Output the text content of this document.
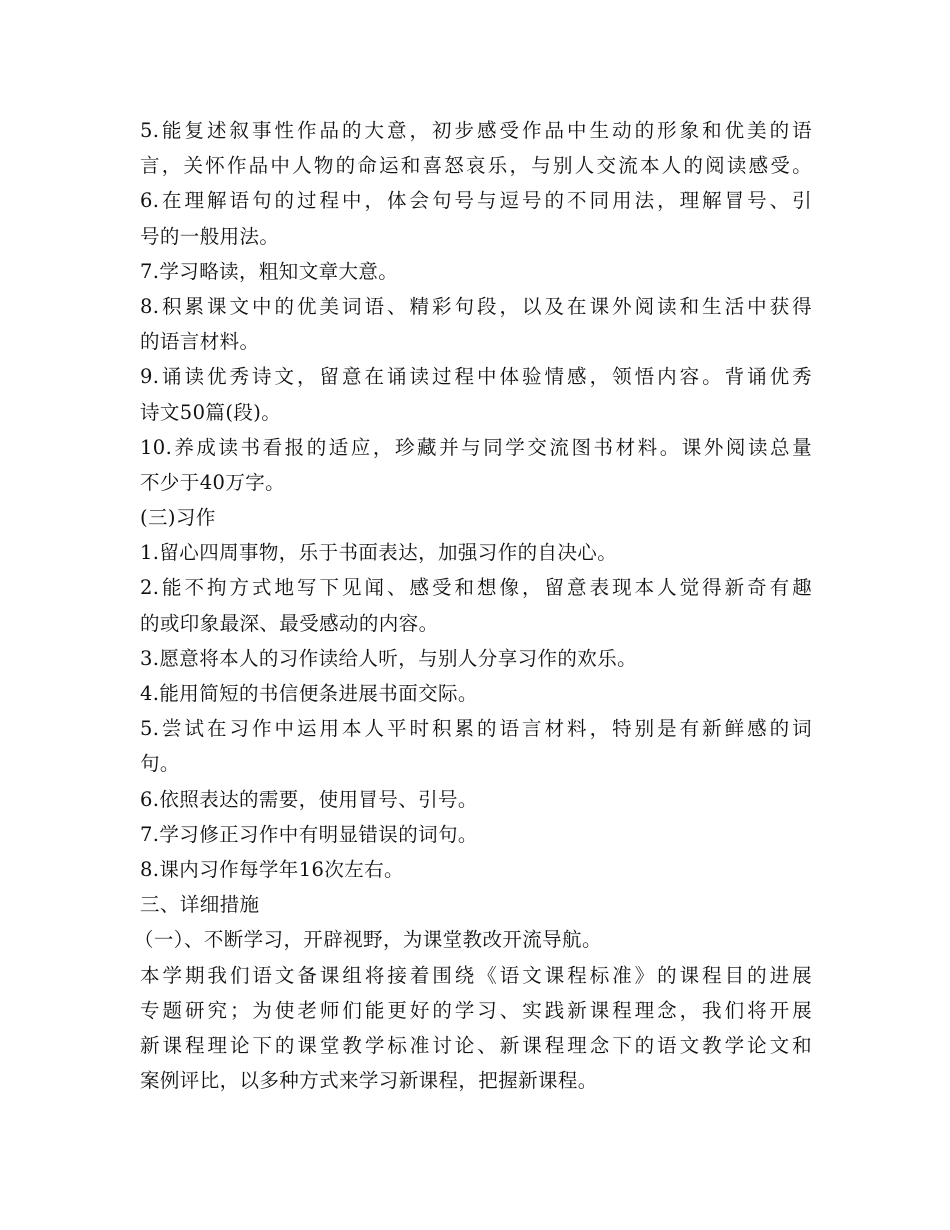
5.能复述叙事性作品的大意，初步感受作品中生动的形象和优美的语
言，关怀作品中人物的命运和喜怒哀乐，与别人交流本人的阅读感受。
6.在理解语句的过程中，体会句号与逗号的不同用法，理解冒号、引
号的一般用法。
7.学习略读，粗知文章大意。
8.积累课文中的优美词语、精彩句段，以及在课外阅读和生活中获得
的语言材料。
9.诵读优秀诗文，留意在诵读过程中体验情感，领悟内容。背诵优秀
诗文50篇(段)。
10.养成读书看报的适应，珍藏并与同学交流图书材料。课外阅读总量
不少于40万字。
(三)习作
1.留心四周事物，乐于书面表达，加强习作的自决心。
2.能不拘方式地写下见闻、感受和想像，留意表现本人觉得新奇有趣
的或印象最深、最受感动的内容。
3.愿意将本人的习作读给人听，与别人分享习作的欢乐。
4.能用简短的书信便条进展书面交际。
5.尝试在习作中运用本人平时积累的语言材料，特别是有新鲜感的词
句。
6.依照表达的需要，使用冒号、引号。
7.学习修正习作中有明显错误的词句。
8.课内习作每学年16次左右。
三、详细措施
（一）、不断学习，开辟视野，为课堂教改开流导航。
本学期我们语文备课组将接着围绕《语文课程标准》的课程目的进展
专题研究；为使老师们能更好的学习、实践新课程理念，我们将开展
新课程理论下的课堂教学标准讨论、新课程理念下的语文教学论文和
案例评比，以多种方式来学习新课程，把握新课程。
